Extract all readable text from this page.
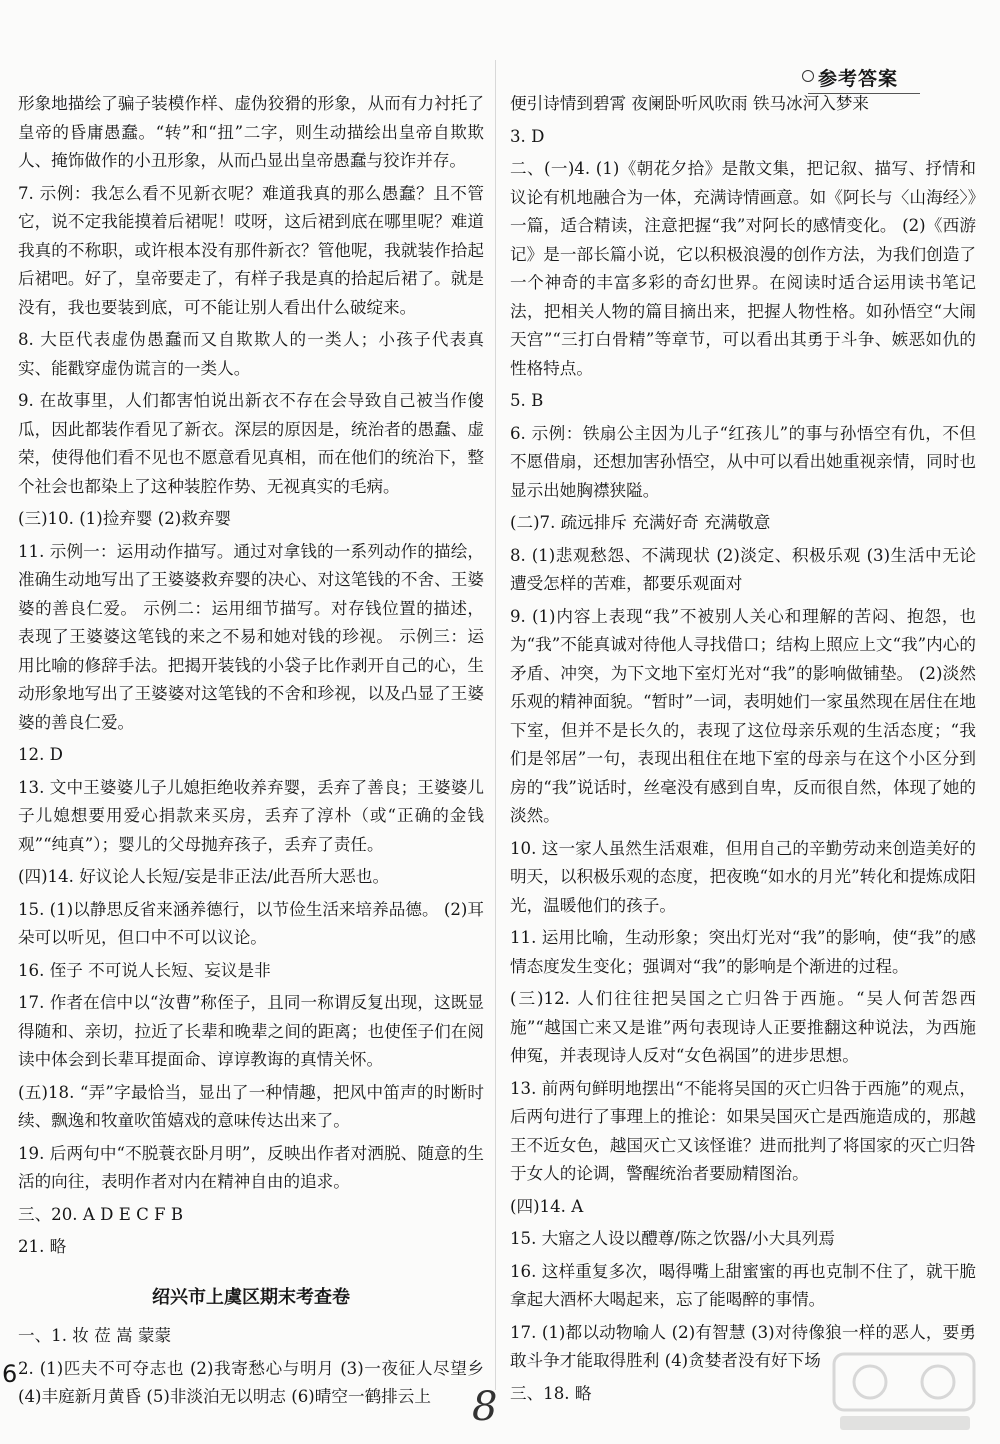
参考答案

形象地描绘了骗子装模作样、虚伪狡猾的形象，从而有力衬托了皇帝的昏庸愚蠢。“转”和“扭”二字，则生动描绘出皇帝自欺欺人、掩饰做作的小丑形象，从而凸显出皇帝愚蠢与狡诈并存。

7. 示例：我怎么看不见新衣呢？难道我真的那么愚蠢？且不管它，说不定我能摸着后裙呢！哎呀，这后裙到底在哪里呢？难道我真的不称职，或许根本没有那件新衣？管他呢，我就装作拾起后裙吧。好了，皇帝要走了，有样子我是真的拾起后裙了。就是没有，我也要装到底，可不能让别人看出什么破绽来。

8. 大臣代表虚伪愚蠢而又自欺欺人的一类人；小孩子代表真实、能戳穿虚伪谎言的一类人。

9. 在故事里，人们都害怕说出新衣不存在会导致自己被当作傻瓜，因此都装作看见了新衣。深层的原因是，统治者的愚蠢、虚荣，使得他们看不见也不愿意看见真相，而在他们的统治下，整个社会也都染上了这种装腔作势、无视真实的毛病。

(三)10. (1)捡弃婴 (2)救弃婴

11. 示例一：运用动作描写。通过对拿钱的一系列动作的描绘，准确生动地写出了王婆婆救弃婴的决心、对这笔钱的不舍、王婆婆的善良仁爱。 示例二：运用细节描写。对存钱位置的描述，表现了王婆婆这笔钱的来之不易和她对钱的珍视。 示例三：运用比喻的修辞手法。把揭开装钱的小袋子比作剥开自己的心，生动形象地写出了王婆婆对这笔钱的不舍和珍视，以及凸显了王婆婆的善良仁爱。

12. D

13. 文中王婆婆儿子儿媳拒绝收养弃婴，丢弃了善良；王婆婆儿子儿媳想要用爱心捐款来买房，丢弃了淳朴（或“正确的金钱观”“纯真”）；婴儿的父母抛弃孩子，丢弃了责任。

(四)14. 好议论人长短/妄是非正法/此吾所大恶也。

15. (1)以静思反省来涵养德行，以节俭生活来培养品德。 (2)耳朵可以听见，但口中不可以议论。

16. 侄子 不可说人长短、妄议是非

17. 作者在信中以“汝曹”称侄子，且同一称谓反复出现，这既显得随和、亲切，拉近了长辈和晚辈之间的距离；也使侄子们在阅读中体会到长辈耳提面命、谆谆教诲的真情关怀。

(五)18. “弄”字最恰当，显出了一种情趣，把风中笛声的时断时续、飘逸和牧童吹笛嬉戏的意味传达出来了。

19. 后两句中“不脱蓑衣卧月明”，反映出作者对洒脱、随意的生活的向往，表明作者对内在精神自由的追求。

三、20. A D E C F B

21. 略

绍兴市上虞区期末考查卷

一、1. 妆 莅 嵩 蒙蒙

2. (1)匹夫不可夺志也 (2)我寄愁心与明月 (3)一夜征人尽望乡 (4)丰庭新月黄昏 (5)非淡泊无以明志 (6)晴空一鹤排云上

便引诗情到碧霄 夜阑卧听风吹雨 铁马冰河入梦来

3. D

二、(一)4. (1)《朝花夕拾》是散文集，把记叙、描写、抒情和议论有机地融合为一体，充满诗情画意。如《阿长与〈山海经〉》一篇，适合精读，注意把握“我”对阿长的感情变化。 (2)《西游记》是一部长篇小说，它以积极浪漫的创作方法，为我们创造了一个神奇的丰富多彩的奇幻世界。在阅读时适合运用读书笔记法，把相关人物的篇目摘出来，把握人物性格。如孙悟空“大闹天宫”“三打白骨精”等章节，可以看出其勇于斗争、嫉恶如仇的性格特点。

5. B

6. 示例：铁扇公主因为儿子“红孩儿”的事与孙悟空有仇，不但不愿借扇，还想加害孙悟空，从中可以看出她重视亲情，同时也显示出她胸襟狭隘。

(二)7. 疏远排斥 充满好奇 充满敬意

8. (1)悲观愁怨、不满现状 (2)淡定、积极乐观 (3)生活中无论遭受怎样的苦难，都要乐观面对

9. (1)内容上表现“我”不被别人关心和理解的苦闷、抱怨，也为“我”不能真诚对待他人寻找借口；结构上照应上文“我”内心的矛盾、冲突，为下文地下室灯光对“我”的影响做铺垫。 (2)淡然乐观的精神面貌。“暂时”一词，表明她们一家虽然现在居住在地下室，但并不是长久的，表现了这位母亲乐观的生活态度；“我们是邻居”一句，表现出租住在地下室的母亲与在这个小区分到房的“我”说话时，丝毫没有感到自卑，反而很自然，体现了她的淡然。

10. 这一家人虽然生活艰难，但用自己的辛勤劳动来创造美好的明天，以积极乐观的态度，把夜晚“如水的月光”转化和提炼成阳光，温暖他们的孩子。

11. 运用比喻，生动形象；突出灯光对“我”的影响，使“我”的感情态度发生变化；强调对“我”的影响是个渐进的过程。

(三)12. 人们往往把吴国之亡归咎于西施。“吴人何苦怨西施”“越国亡来又是谁”两句表现诗人正要推翻这种说法，为西施伸冤，并表现诗人反对“女色祸国”的进步思想。

13. 前两句鲜明地摆出“不能将吴国的灭亡归咎于西施”的观点，后两句进行了事理上的推论：如果吴国灭亡是西施造成的，那越王不近女色，越国灭亡又该怪谁？进而批判了将国家的灭亡归咎于女人的论调，警醒统治者要励精图治。

(四)14. A

15. 大寤之人设以醴尊/陈之饮器/小大具列焉

16. 这样重复多次，喝得嘴上甜蜜蜜的再也克制不住了，就干脆拿起大酒杯大喝起来，忘了能喝醉的事情。

17. (1)都以动物喻人 (2)有智慧 (3)对待像狼一样的恶人，要勇敢斗争才能取得胜利 (4)贪婪者没有好下场

三、18. 略

6
8
